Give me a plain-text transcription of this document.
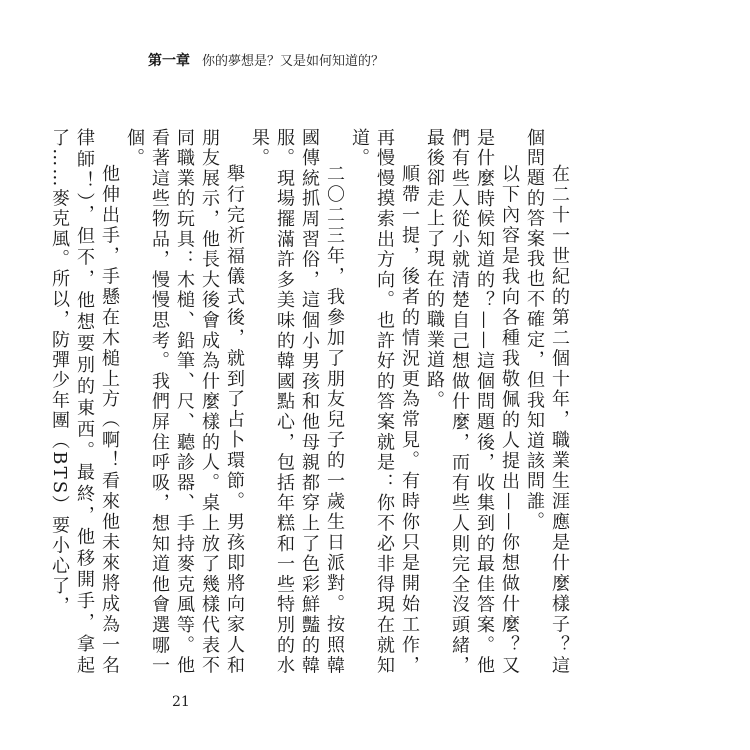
第一章 你的夢想是？又是如何知道的？

在二十一世紀的第二個十年，職業生涯應是什麼樣子？這個問題的答案我也不確定，但我知道該問誰。

以下內容是我向各種我敬佩的人提出——你想做什麼？又是什麼時候知道的？——這個問題後，收集到的最佳答案。他們有些人從小就清楚自己想做什麼，而有些人則完全沒頭緒，最後卻走上了現在的職業道路。

順帶一提，後者的情況更為常見。有時你只是開始工作，再慢慢摸索出方向。也許好的答案就是：你不必非得現在就知道。

二〇二三年，我參加了朋友兒子的一歲生日派對。按照韓國傳統抓周習俗，這個小男孩和他母親都穿上了色彩鮮豔的韓服。現場擺滿許多美味的韓國點心，包括年糕和一些特別的水果。

舉行完祈福儀式後，就到了占卜環節。男孩即將向家人和朋友展示，他長大後會成為什麼樣的人。桌上放了幾樣代表不同職業的玩具：木槌、鉛筆、尺、聽診器、手持麥克風等。他看著這些物品，慢慢思考。我們屏住呼吸，想知道他會選哪一個。

他伸出手，手懸在木槌上方（啊！看來他未來將成為一名律師！），但不，他想要別的東西。最終，他移開手，拿起了……麥克風。所以，防彈少年團（BTS）要小心了，

21
